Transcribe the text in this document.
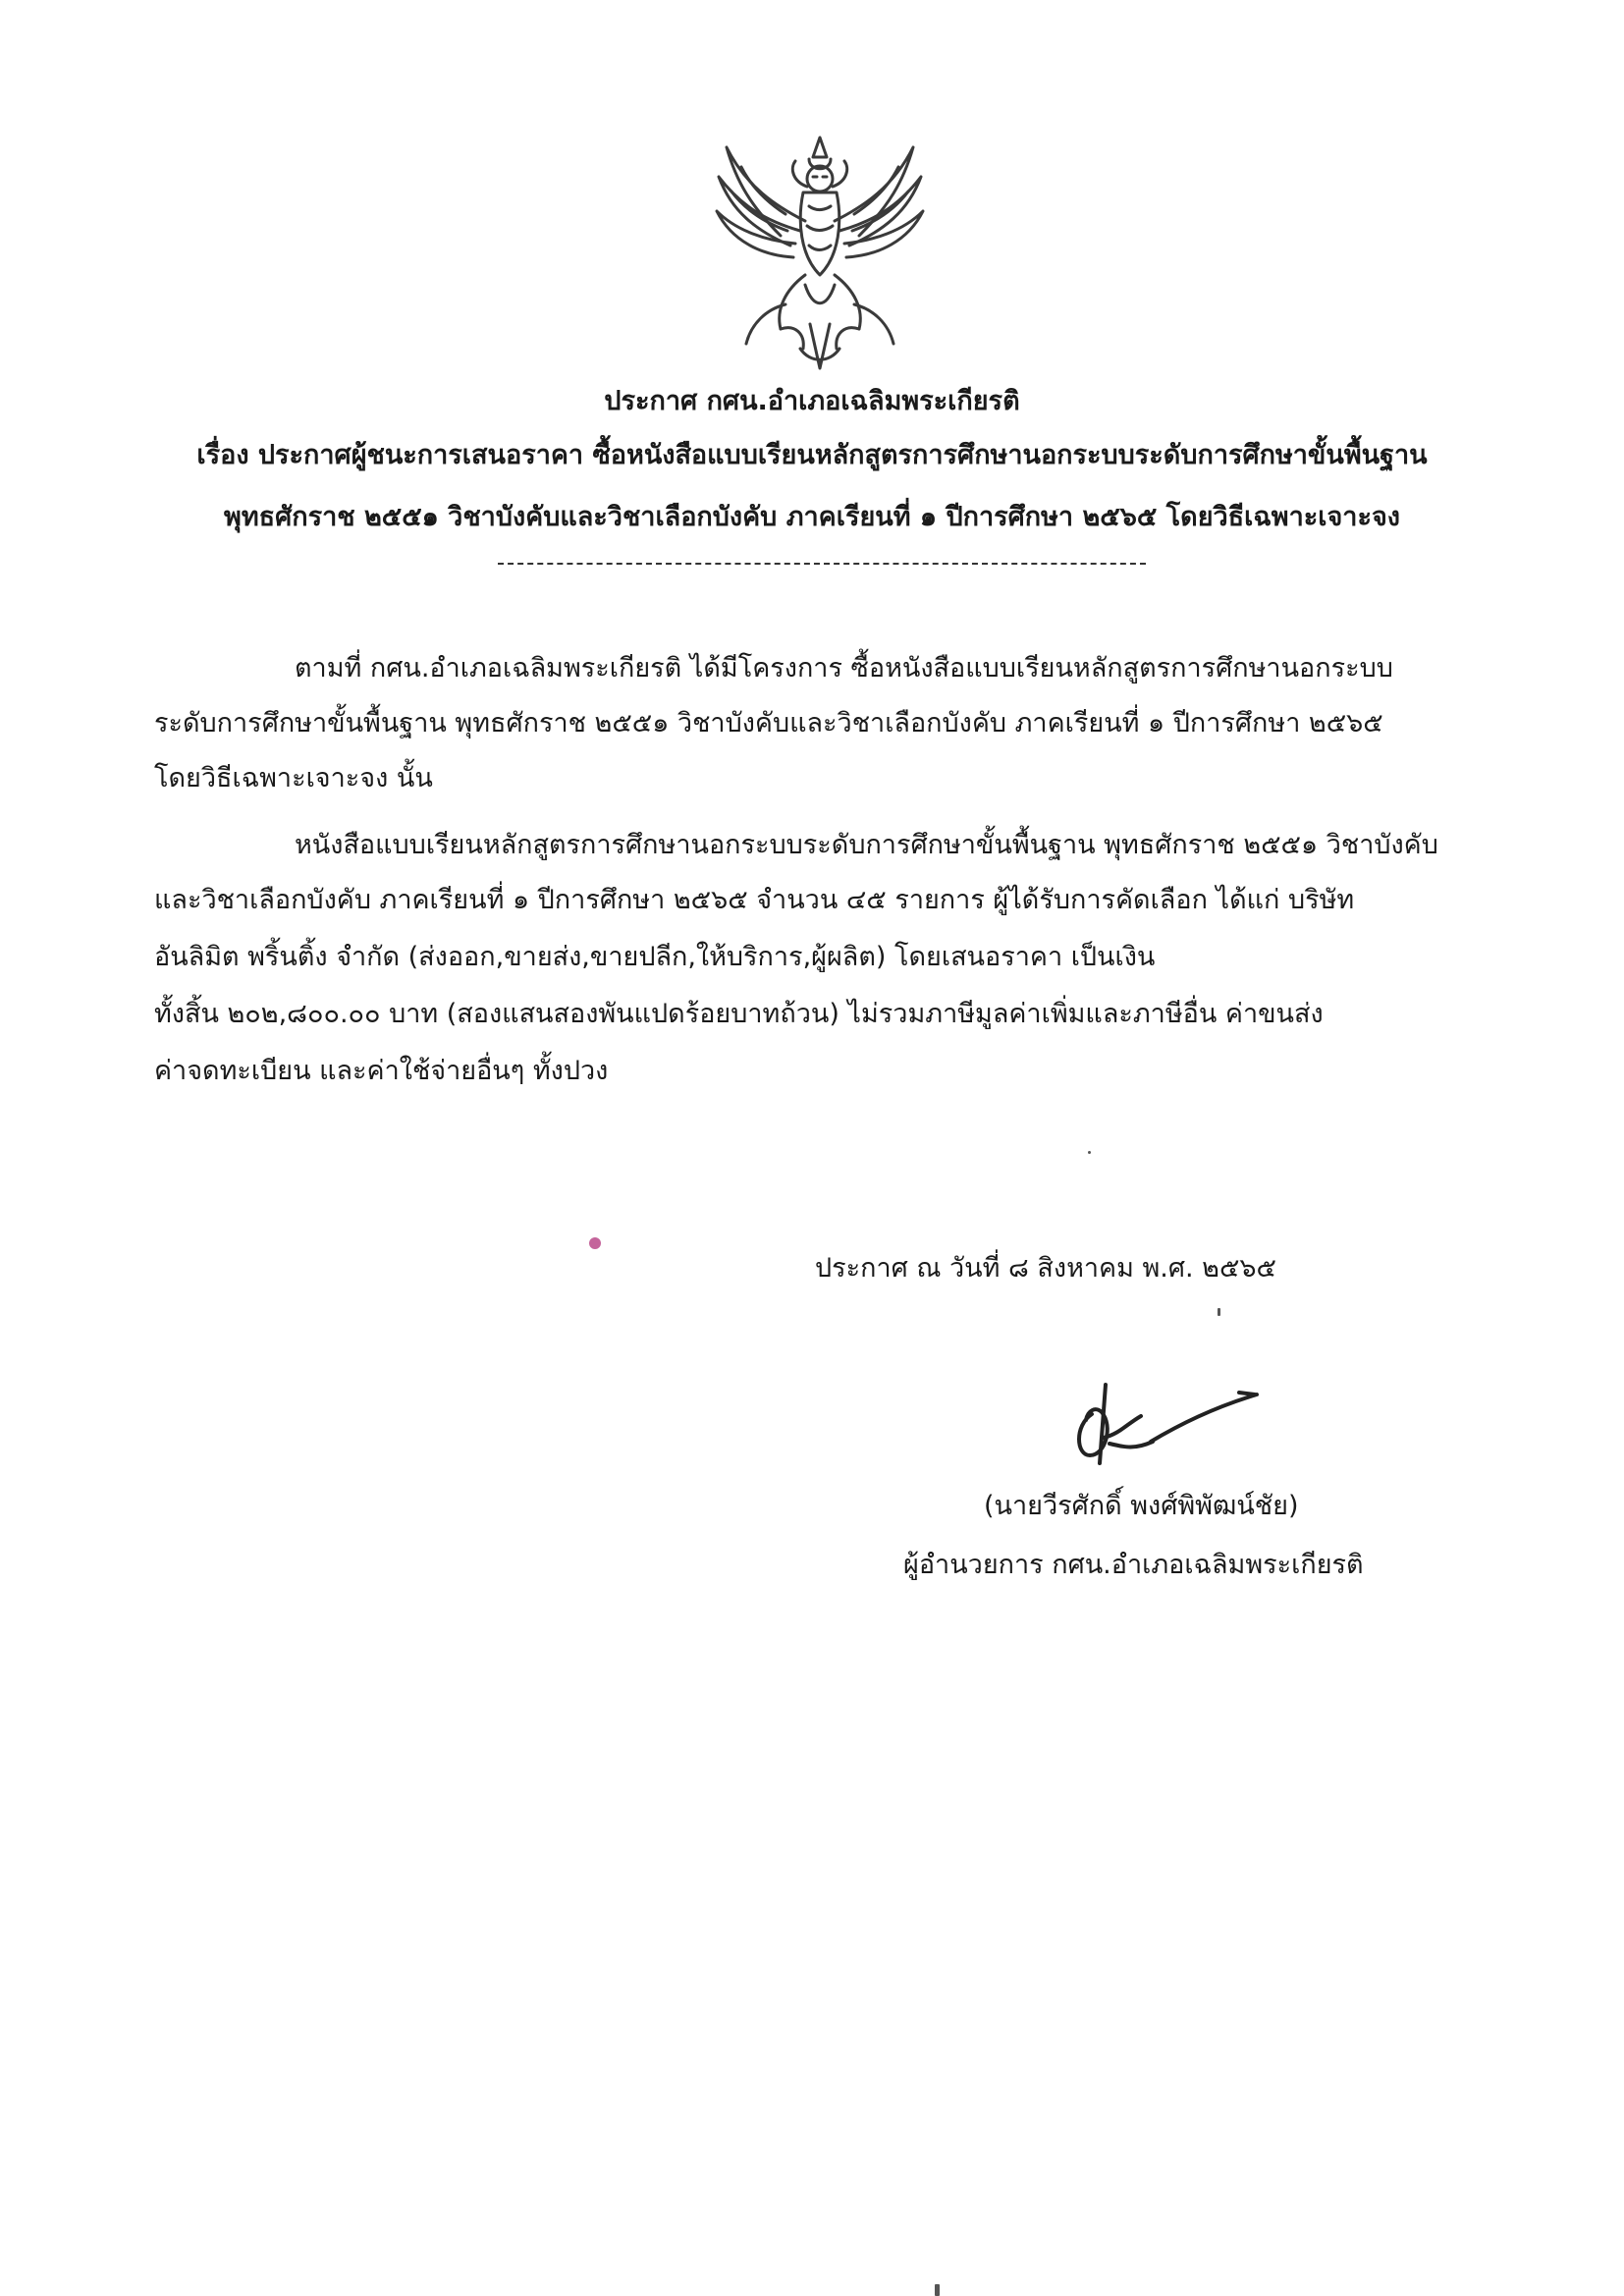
ประกาศ กศน.อำเภอเฉลิมพระเกียรติ
เรื่อง ประกาศผู้ชนะการเสนอราคา ซื้อหนังสือแบบเรียนหลักสูตรการศึกษานอกระบบระดับการศึกษาขั้นพื้นฐาน
พุทธศักราช ๒๕๕๑ วิชาบังคับและวิชาเลือกบังคับ ภาคเรียนที่ ๑ ปีการศึกษา ๒๕๖๕ โดยวิธีเฉพาะเจาะจง
ตามที่ กศน.อำเภอเฉลิมพระเกียรติ ได้มีโครงการ ซื้อหนังสือแบบเรียนหลักสูตรการศึกษานอกระบบ
ระดับการศึกษาขั้นพื้นฐาน พุทธศักราช ๒๕๕๑ วิชาบังคับและวิชาเลือกบังคับ ภาคเรียนที่ ๑ ปีการศึกษา ๒๕๖๕
โดยวิธีเฉพาะเจาะจง นั้น
หนังสือแบบเรียนหลักสูตรการศึกษานอกระบบระดับการศึกษาขั้นพื้นฐาน พุทธศักราช ๒๕๕๑ วิชาบังคับ
และวิชาเลือกบังคับ ภาคเรียนที่ ๑ ปีการศึกษา ๒๕๖๕ จำนวน ๔๕ รายการ ผู้ได้รับการคัดเลือก ได้แก่ บริษัท
อันลิมิต พริ้นติ้ง จำกัด (ส่งออก,ขายส่ง,ขายปลีก,ให้บริการ,ผู้ผลิต) โดยเสนอราคา เป็นเงิน
ทั้งสิ้น ๒๐๒,๘๐๐.๐๐ บาท (สองแสนสองพันแปดร้อยบาทถ้วน) ไม่รวมภาษีมูลค่าเพิ่มและภาษีอื่น ค่าขนส่ง
ค่าจดทะเบียน และค่าใช้จ่ายอื่นๆ ทั้งปวง
ประกาศ ณ วันที่ ๘ สิงหาคม พ.ศ. ๒๕๖๕
(นายวีรศักดิ์ พงศ์พิพัฒน์ชัย)
ผู้อำนวยการ กศน.อำเภอเฉลิมพระเกียรติ
